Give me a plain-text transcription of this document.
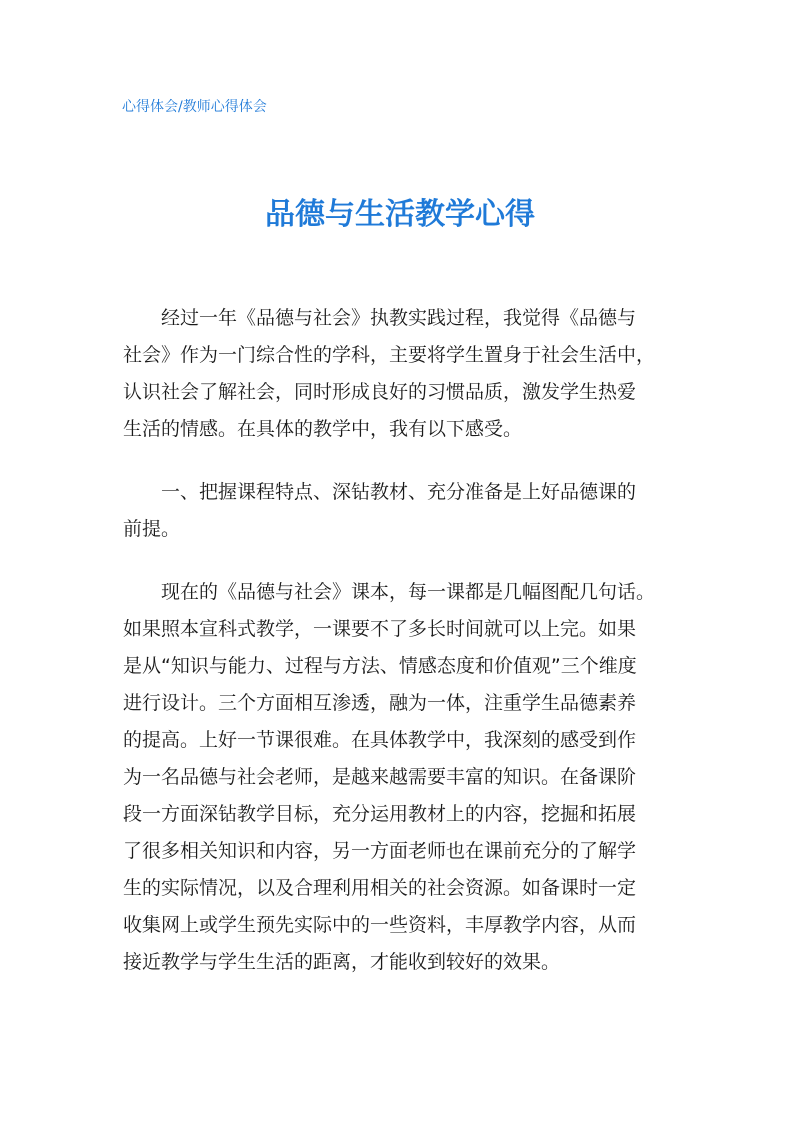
心得体会/教师心得体会
品德与生活教学心得
经过一年《品德与社会》执教实践过程，我觉得《品德与
社会》作为一门综合性的学科，主要将学生置身于社会生活中，
认识社会了解社会，同时形成良好的习惯品质，激发学生热爱
生活的情感。在具体的教学中，我有以下感受。
一、把握课程特点、深钻教材、充分准备是上好品德课的
前提。
现在的《品德与社会》课本，每一课都是几幅图配几句话。
如果照本宣科式教学，一课要不了多长时间就可以上完。如果
是从“知识与能力、过程与方法、情感态度和价值观”三个维度
进行设计。三个方面相互渗透，融为一体，注重学生品德素养
的提高。上好一节课很难。在具体教学中，我深刻的感受到作
为一名品德与社会老师，是越来越需要丰富的知识。在备课阶
段一方面深钻教学目标，充分运用教材上的内容，挖掘和拓展
了很多相关知识和内容，另一方面老师也在课前充分的了解学
生的实际情况，以及合理利用相关的社会资源。如备课时一定
收集网上或学生预先实际中的一些资料，丰厚教学内容，从而
接近教学与学生生活的距离，才能收到较好的效果。
